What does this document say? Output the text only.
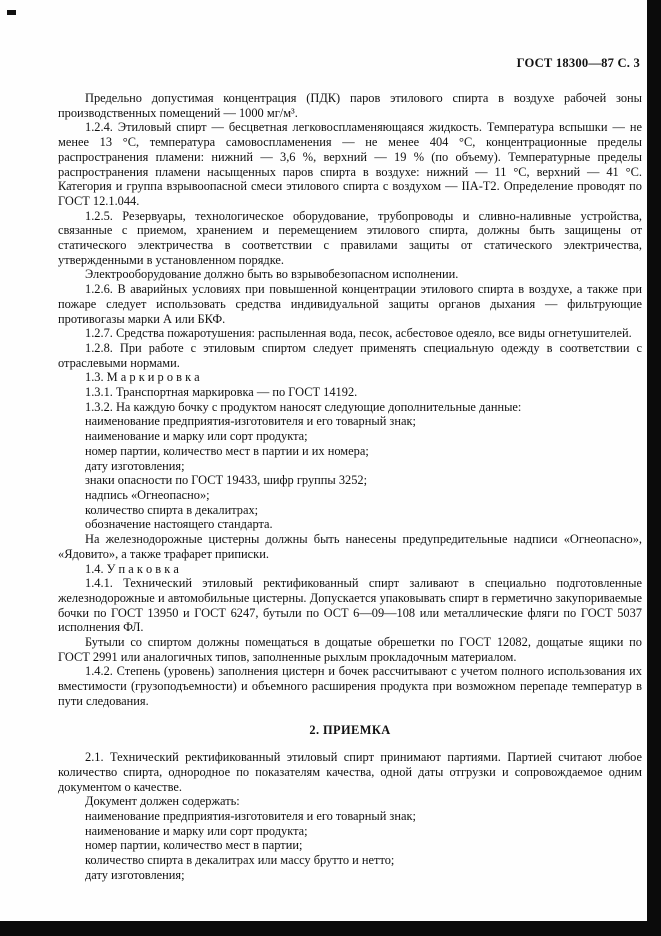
ГОСТ 18300—87 С. 3

Предельно допустимая концентрация (ПДК) паров этилового спирта в воздухе рабочей зоны производственных помещений — 1000 мг/м³.

1.2.4. Этиловый спирт — бесцветная легковоспламеняющаяся жидкость. Температура вспышки — не менее 13 °С, температура самовоспламенения — не менее 404 °С, концентрационные пределы распространения пламени: нижний — 3,6 %, верхний — 19 % (по объему). Температурные пределы распространения пламени насыщенных паров спирта в воздухе: нижний — 11 °С, верхний — 41 °С. Категория и группа взрывоопасной смеси этилового спирта с воздухом — IIА-Т2. Определение проводят по ГОСТ 12.1.044.

1.2.5. Резервуары, технологическое оборудование, трубопроводы и сливно-наливные устройства, связанные с приемом, хранением и перемещением этилового спирта, должны быть защищены от статического электричества в соответствии с правилами защиты от статического электричества, утвержденными в установленном порядке.

Электрооборудование должно быть во взрывобезопасном исполнении.

1.2.6. В аварийных условиях при повышенной концентрации этилового спирта в воздухе, а также при пожаре следует использовать средства индивидуальной защиты органов дыхания — фильтрующие противогазы марки А или БКФ.

1.2.7. Средства пожаротушения: распыленная вода, песок, асбестовое одеяло, все виды огнетушителей.

1.2.8. При работе с этиловым спиртом следует применять специальную одежду в соответствии с отраслевыми нормами.

1.3. М а р к и р о в к а

1.3.1. Транспортная маркировка — по ГОСТ 14192.

1.3.2. На каждую бочку с продуктом наносят следующие дополнительные данные:

наименование предприятия-изготовителя и его товарный знак;

наименование и марку или сорт продукта;

номер партии, количество мест в партии и их номера;

дату изготовления;

знаки опасности по ГОСТ 19433, шифр группы 3252;

надпись «Огнеопасно»;

количество спирта в декалитрах;

обозначение настоящего стандарта.

На железнодорожные цистерны должны быть нанесены предупредительные надписи «Огнеопасно», «Ядовито», а также трафарет приписки.

1.4. У п а к о в к а

1.4.1. Технический этиловый ректификованный спирт заливают в специально подготовленные железнодорожные и автомобильные цистерны. Допускается упаковывать спирт в герметично закупориваемые бочки по ГОСТ 13950 и ГОСТ 6247, бутыли по ОСТ 6—09—108 или металлические фляги по ГОСТ 5037 исполнения ФЛ.

Бутыли со спиртом должны помещаться в дощатые обрешетки по ГОСТ 12082, дощатые ящики по ГОСТ 2991 или аналогичных типов, заполненные рыхлым прокладочным материалом.

1.4.2. Степень (уровень) заполнения цистерн и бочек рассчитывают с учетом полного использования их вместимости (грузоподъемности) и объемного расширения продукта при возможном перепаде температур в пути следования.

2. ПРИЕМКА

2.1. Технический ректификованный этиловый спирт принимают партиями. Партией считают любое количество спирта, однородное по показателям качества, одной даты отгрузки и сопровождаемое одним документом о качестве.

Документ должен содержать:

наименование предприятия-изготовителя и его товарный знак;

наименование и марку или сорт продукта;

номер партии, количество мест в партии;

количество спирта в декалитрах или массу брутто и нетто;

дату изготовления;
